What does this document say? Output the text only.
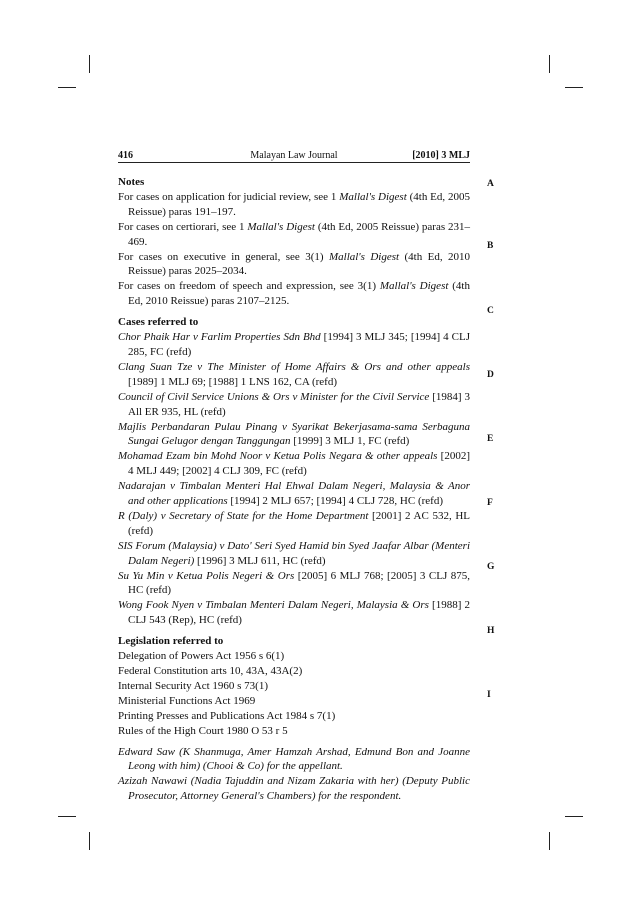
Malayan Law Journal
416	[2010] 3 MLJ
A
B
C
D
E
F
G
H
I

Notes

For cases on application for judicial review, see 1 Mallal's Digest (4th Ed, 2005 Reissue) paras 191–197.

For cases on certiorari, see 1 Mallal's Digest (4th Ed, 2005 Reissue) paras 231–469.

For cases on executive in general, see 3(1) Mallal's Digest (4th Ed, 2010 Reissue) paras 2025–2034.

For cases on freedom of speech and expression, see 3(1) Mallal's Digest (4th Ed, 2010 Reissue) paras 2107–2125.

Cases referred to

Chor Phaik Har v Farlim Properties Sdn Bhd [1994] 3 MLJ 345; [1994] 4 CLJ 285, FC (refd)

Clang Suan Tze v The Minister of Home Affairs & Ors and other appeals [1989] 1 MLJ 69; [1988] 1 LNS 162, CA (refd)

Council of Civil Service Unions & Ors v Minister for the Civil Service [1984] 3 All ER 935, HL (refd)

Majlis Perbandaran Pulau Pinang v Syarikat Bekerjasama-sama Serbaguna Sungai Gelugor dengan Tanggungan [1999] 3 MLJ 1, FC (refd)

Mohamad Ezam bin Mohd Noor v Ketua Polis Negara & other appeals [2002] 4 MLJ 449; [2002] 4 CLJ 309, FC (refd)

Nadarajan v Timbalan Menteri Hal Ehwal Dalam Negeri, Malaysia & Anor and other applications [1994] 2 MLJ 657; [1994] 4 CLJ 728, HC (refd)

R (Daly) v Secretary of State for the Home Department [2001] 2 AC 532, HL (refd)

SIS Forum (Malaysia) v Dato' Seri Syed Hamid bin Syed Jaafar Albar (Menteri Dalam Negeri) [1996] 3 MLJ 611, HC (refd)

Su Yu Min v Ketua Polis Negeri & Ors [2005] 6 MLJ 768; [2005] 3 CLJ 875, HC (refd)

Wong Fook Nyen v Timbalan Menteri Dalam Negeri, Malaysia & Ors [1988] 2 CLJ 543 (Rep), HC (refd)

Legislation referred to

Delegation of Powers Act 1956 s 6(1)

Federal Constitution arts 10, 43A, 43A(2)

Internal Security Act 1960 s 73(1)

Ministerial Functions Act 1969

Printing Presses and Publications Act 1984 s 7(1)

Rules of the High Court 1980 O 53 r 5

Edward Saw (K Shanmuga, Amer Hamzah Arshad, Edmund Bon and Joanne Leong with him) (Chooi & Co) for the appellant.

Azizah Nawawi (Nadia Tajuddin and Nizam Zakaria with her) (Deputy Public Prosecutor, Attorney General's Chambers) for the respondent.
